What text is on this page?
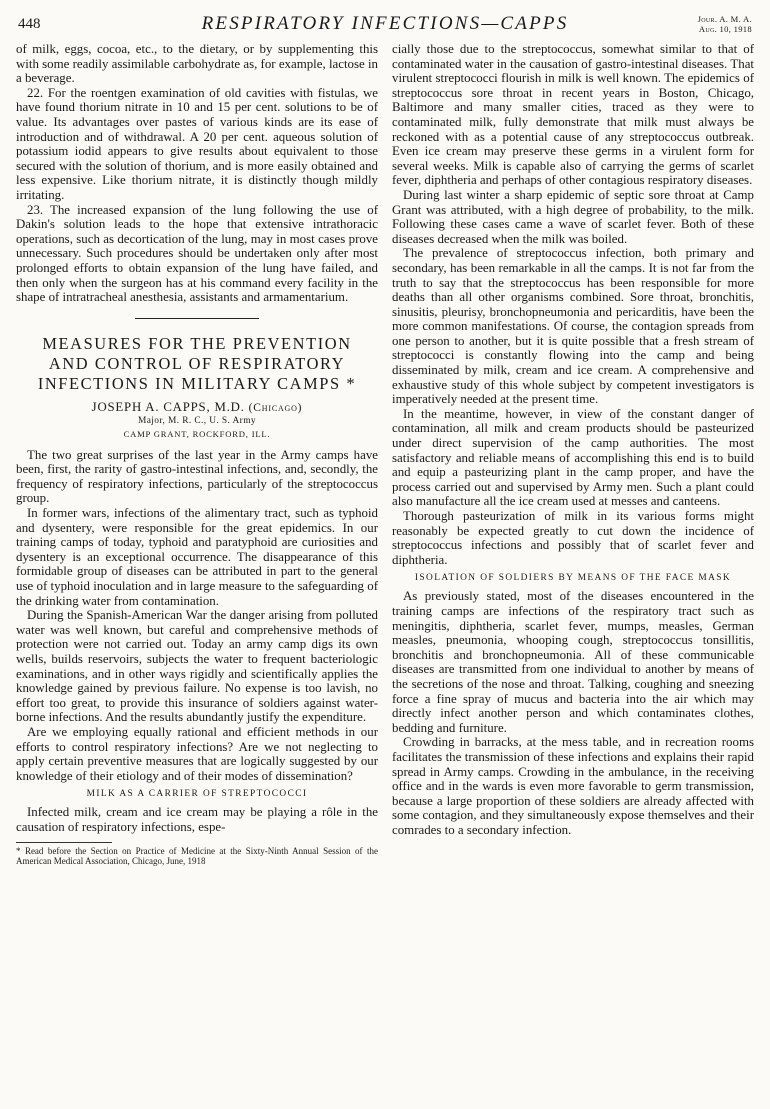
448	RESPIRATORY INFECTIONS—CAPPS	Jour. A. M. A.
Aug. 10, 1918

of milk, eggs, cocoa, etc., to the dietary, or by supplementing this with some readily assimilable carbohydrate as, for example, lactose in a beverage.

22. For the roentgen examination of old cavities with fistulas, we have found thorium nitrate in 10 and 15 per cent. solutions to be of value. Its advantages over pastes of various kinds are its ease of introduction and of withdrawal. A 20 per cent. aqueous solution of potassium iodid appears to give results about equivalent to those secured with the solution of thorium, and is more easily obtained and less expensive. Like thorium nitrate, it is distinctly though mildly irritating.

23. The increased expansion of the lung following the use of Dakin's solution leads to the hope that extensive intrathoracic operations, such as decortication of the lung, may in most cases prove unnecessary. Such procedures should be undertaken only after most prolonged efforts to obtain expansion of the lung have failed, and then only when the surgeon has at his command every facility in the shape of intratracheal anesthesia, assistants and armamentarium.

MEASURES FOR THE PREVENTION AND CONTROL OF RESPIRATORY INFECTIONS IN MILITARY CAMPS *
JOSEPH A. CAPPS, M.D. (Chicago)
Major, M. R. C., U. S. Army
CAMP GRANT, ROCKFORD, ILL.

The two great surprises of the last year in the Army camps have been, first, the rarity of gastro-intestinal infections, and, secondly, the frequency of respiratory infections, particularly of the streptococcus group.

In former wars, infections of the alimentary tract, such as typhoid and dysentery, were responsible for the great epidemics. In our training camps of today, typhoid and paratyphoid are curiosities and dysentery is an exceptional occurrence. The disappearance of this formidable group of diseases can be attributed in part to the general use of typhoid inoculation and in large measure to the safeguarding of the drinking water from contamination.

During the Spanish-American War the danger arising from polluted water was well known, but careful and comprehensive methods of protection were not carried out. Today an army camp digs its own wells, builds reservoirs, subjects the water to frequent bacteriologic examinations, and in other ways rigidly and scientifically applies the knowledge gained by previous failure. No expense is too lavish, no effort too great, to provide this insurance of soldiers against water-borne infections. And the results abundantly justify the expenditure.

Are we employing equally rational and efficient methods in our efforts to control respiratory infections? Are we not neglecting to apply certain preventive measures that are logically suggested by our knowledge of their etiology and of their modes of dissemination?

MILK AS A CARRIER OF STREPTOCOCCI

Infected milk, cream and ice cream may be playing a rôle in the causation of respiratory infections, espe-

* Read before the Section on Practice of Medicine at the Sixty-Ninth Annual Session of the American Medical Association, Chicago, June, 1918

cially those due to the streptococcus, somewhat similar to that of contaminated water in the causation of gastro-intestinal diseases. That virulent streptococci flourish in milk is well known. The epidemics of streptococcus sore throat in recent years in Boston, Chicago, Baltimore and many smaller cities, traced as they were to contaminated milk, fully demonstrate that milk must always be reckoned with as a potential cause of any streptococcus outbreak. Even ice cream may preserve these germs in a virulent form for several weeks. Milk is capable also of carrying the germs of scarlet fever, diphtheria and perhaps of other contagious respiratory diseases.

During last winter a sharp epidemic of septic sore throat at Camp Grant was attributed, with a high degree of probability, to the milk. Following these cases came a wave of scarlet fever. Both of these diseases decreased when the milk was boiled.

The prevalence of streptococcus infection, both primary and secondary, has been remarkable in all the camps. It is not far from the truth to say that the streptococcus has been responsible for more deaths than all other organisms combined. Sore throat, bronchitis, sinusitis, pleurisy, bronchopneumonia and pericarditis, have been the more common manifestations. Of course, the contagion spreads from one person to another, but it is quite possible that a fresh stream of streptococci is constantly flowing into the camp and being disseminated by milk, cream and ice cream. A comprehensive and exhaustive study of this whole subject by competent investigators is imperatively needed at the present time.

In the meantime, however, in view of the constant danger of contamination, all milk and cream products should be pasteurized under direct supervision of the camp authorities. The most satisfactory and reliable means of accomplishing this end is to build and equip a pasteurizing plant in the camp proper, and have the process carried out and supervised by Army men. Such a plant could also manufacture all the ice cream used at messes and canteens.

Thorough pasteurization of milk in its various forms might reasonably be expected greatly to cut down the incidence of streptococcus infections and possibly that of scarlet fever and diphtheria.

ISOLATION OF SOLDIERS BY MEANS OF THE FACE MASK

As previously stated, most of the diseases encountered in the training camps are infections of the respiratory tract such as meningitis, diphtheria, scarlet fever, mumps, measles, German measles, pneumonia, whooping cough, streptococcus tonsillitis, bronchitis and bronchopneumonia. All of these communicable diseases are transmitted from one individual to another by means of the secretions of the nose and throat. Talking, coughing and sneezing force a fine spray of mucus and bacteria into the air which may directly infect another person and which contaminates clothes, bedding and furniture.

Crowding in barracks, at the mess table, and in recreation rooms facilitates the transmission of these infections and explains their rapid spread in Army camps. Crowding in the ambulance, in the receiving office and in the wards is even more favorable to germ transmission, because a large proportion of these soldiers are already affected with some contagion, and they simultaneously expose themselves and their comrades to a secondary infection.
